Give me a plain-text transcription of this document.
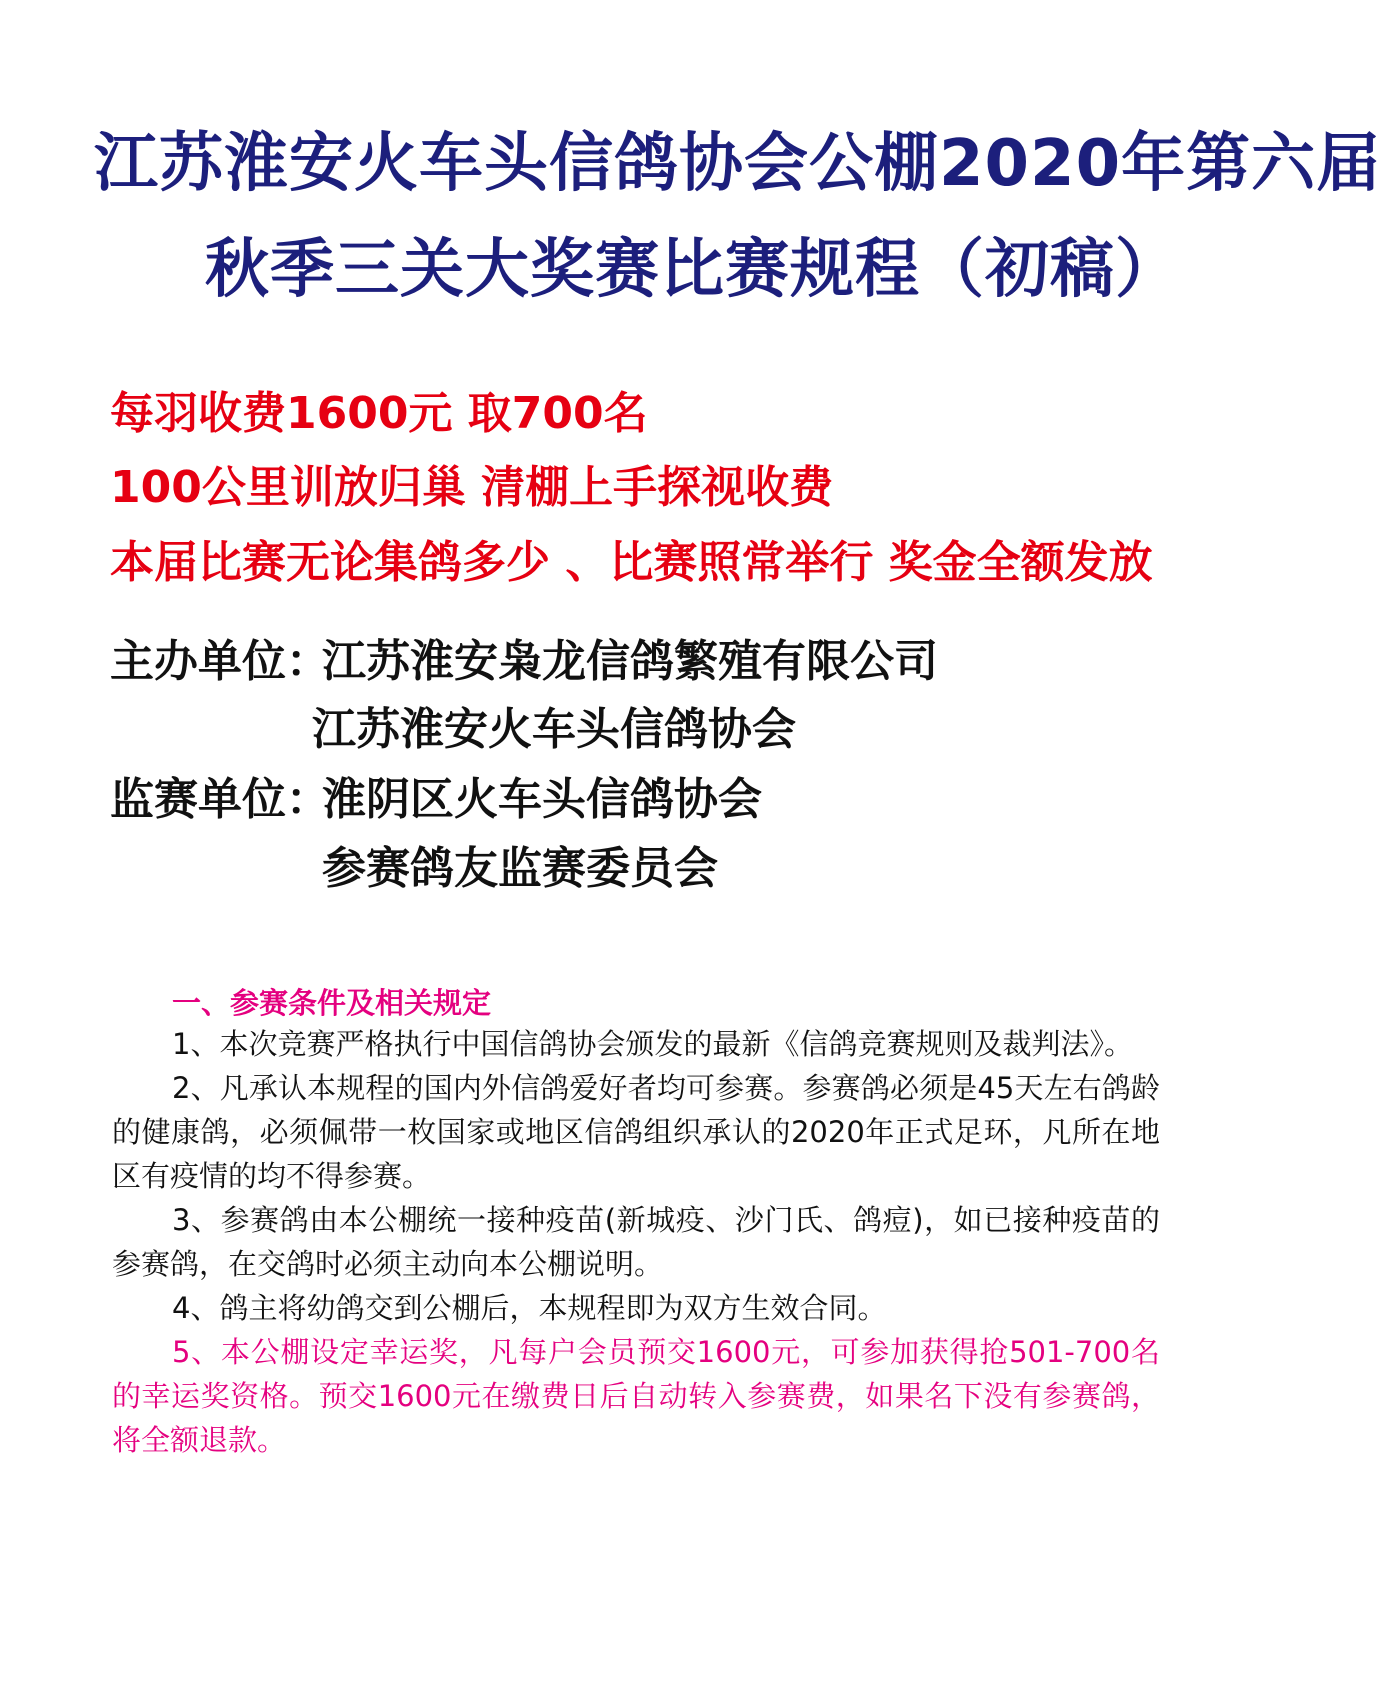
江苏淮安火车头信鸽协会公棚2020年第六届
秋季三关大奖赛比赛规程（初稿）
每羽收费1600元 取700名
100公里训放归巢 清棚上手探视收费
本届比赛无论集鸽多少 、比赛照常举行 奖金全额发放
主办单位：
江苏淮安枭龙信鸽繁殖有限公司
江苏淮安火车头信鸽协会
监赛单位：
淮阴区火车头信鸽协会
参赛鸽友监赛委员会
一、参赛条件及相关规定

1、本次竞赛严格执行中国信鸽协会颁发的最新《信鸽竞赛规则及裁判法》。

2、凡承认本规程的国内外信鸽爱好者均可参赛。参赛鸽必须是45天左右鸽龄的健康鸽，必须佩带一枚国家或地区信鸽组织承认的2020年正式足环，凡所在地区有疫情的均不得参赛。

3、参赛鸽由本公棚统一接种疫苗(新城疫、沙门氏、鸽痘)，如已接种疫苗的参赛鸽，在交鸽时必须主动向本公棚说明。

4、鸽主将幼鸽交到公棚后，本规程即为双方生效合同。

5、本公棚设定幸运奖，凡每户会员预交1600元，可参加获得抢501-700名的幸运奖资格。预交1600元在缴费日后自动转入参赛费，如果名下没有参赛鸽，将全额退款。
